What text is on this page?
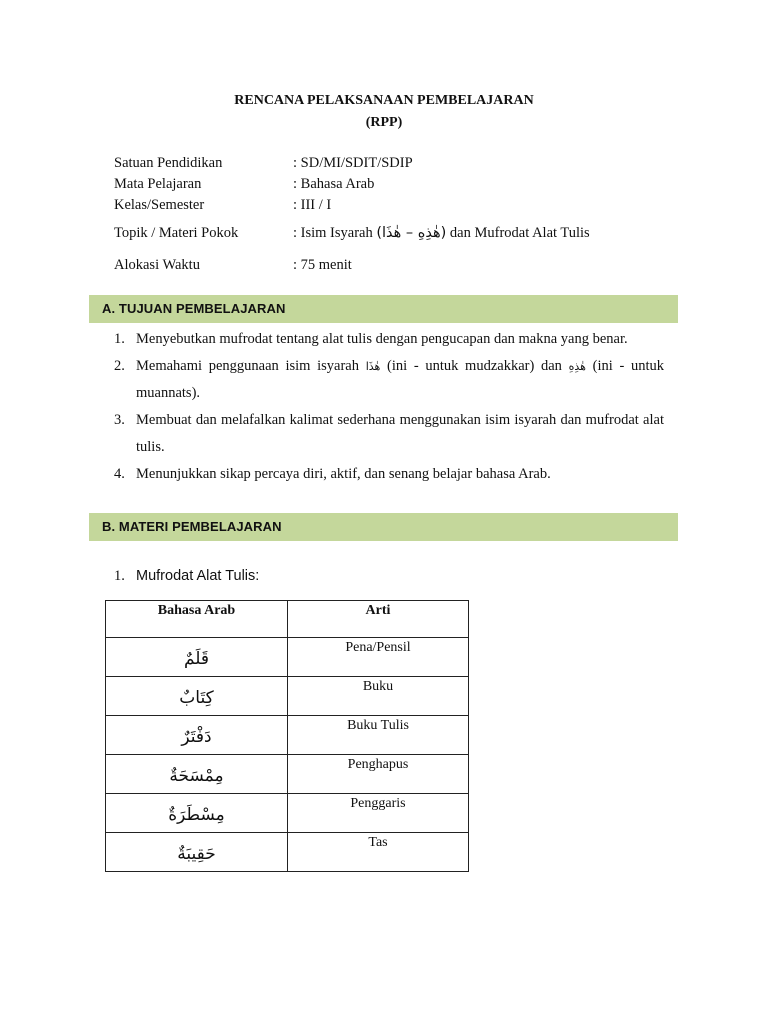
RENCANA PELAKSANAAN PEMBELAJARAN
(RPP)
Satuan Pendidikan	: SD/MI/SDIT/SDIP
Mata Pelajaran	: Bahasa Arab
Kelas/Semester	: III / I
Topik / Materi Pokok	: Isim Isyarah (هٰذِهِ – هٰذَا) dan Mufrodat Alat Tulis
Alokasi Waktu	: 75 menit
A. TUJUAN PEMBELAJARAN
1. Menyebutkan mufrodat tentang alat tulis dengan pengucapan dan makna yang benar.
2. Memahami penggunaan isim isyarah هٰذَا (ini - untuk mudzakkar) dan هٰذِهِ (ini - untuk muannats).
3. Membuat dan melafalkan kalimat sederhana menggunakan isim isyarah dan mufrodat alat tulis.
4. Menunjukkan sikap percaya diri, aktif, dan senang belajar bahasa Arab.
B. MATERI PEMBELAJARAN
1. Mufrodat Alat Tulis:
Bahasa Arab	Arti
قَلَمٌ	Pena/Pensil
كِتَابٌ	Buku
دَفْتَرٌ	Buku Tulis
مِمْسَحَةٌ	Penghapus
مِسْطَرَةٌ	Penggaris
حَقِيبَةٌ	Tas
